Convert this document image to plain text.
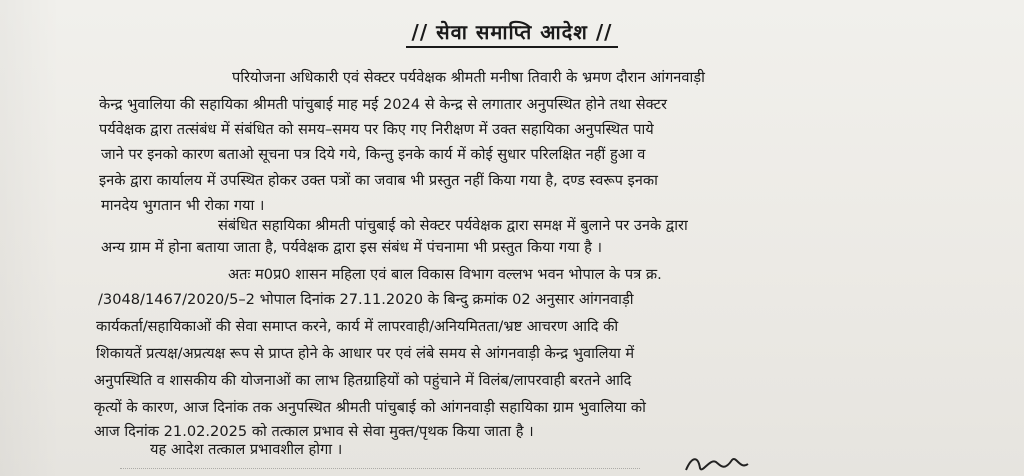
// सेवा समाप्ति आदेश //
परियोजना अधिकारी एवं सेक्टर पर्यवेक्षक श्रीमती मनीषा तिवारी के भ्रमण दौरान आंगनवाड़ी
केन्द्र भुवालिया की सहायिका श्रीमती पांचुबाई माह मई 2024 से केन्द्र से लगातार अनुपस्थित होने तथा सेक्टर
पर्यवेक्षक द्वारा तत्संबंध में संबंधित को समय–समय पर किए गए निरीक्षण में उक्त सहायिका अनुपस्थित पाये
जाने पर इनको कारण बताओ सूचना पत्र दिये गये, किन्तु इनके कार्य में कोई सुधार परिलक्षित नहीं हुआ व
इनके द्वारा कार्यालय में उपस्थित होकर उक्त पत्रों का जवाब भी प्रस्तुत नहीं किया गया है, दण्ड स्वरूप इनका
मानदेय भुगतान भी रोका गया ।
संबंधित सहायिका श्रीमती पांचुबाई को सेक्टर पर्यवेक्षक द्वारा समक्ष में बुलाने पर उनके द्वारा
अन्य ग्राम में होना बताया जाता है, पर्यवेक्षक द्वारा इस संबंध में पंचनामा भी प्रस्तुत किया गया है ।
अतः म0प्र0 शासन महिला एवं बाल विकास विभाग वल्लभ भवन भोपाल के पत्र क्र.
/3048/1467/2020/5–2 भोपाल दिनांक 27.11.2020 के बिन्दु क्रमांक 02 अनुसार आंगनवाड़ी
कार्यकर्ता/सहायिकाओं की सेवा समाप्त करने, कार्य में लापरवाही/अनियमितता/भ्रष्ट आचरण आदि की
शिकायतें प्रत्यक्ष/अप्रत्यक्ष रूप से प्राप्त होने के आधार पर एवं लंबे समय से आंगनवाड़ी केन्द्र भुवालिया में
अनुपस्थिति व शासकीय की योजनाओं का लाभ हितग्राहियों को पहुंचाने में विलंब/लापरवाही बरतने आदि
कृत्यों के कारण, आज दिनांक तक अनुपस्थित श्रीमती पांचुबाई को आंगनवाड़ी सहायिका ग्राम भुवालिया को
आज दिनांक 21.02.2025 को तत्काल प्रभाव से सेवा मुक्त/पृथक किया जाता है ।
यह आदेश तत्काल प्रभावशील होगा ।
